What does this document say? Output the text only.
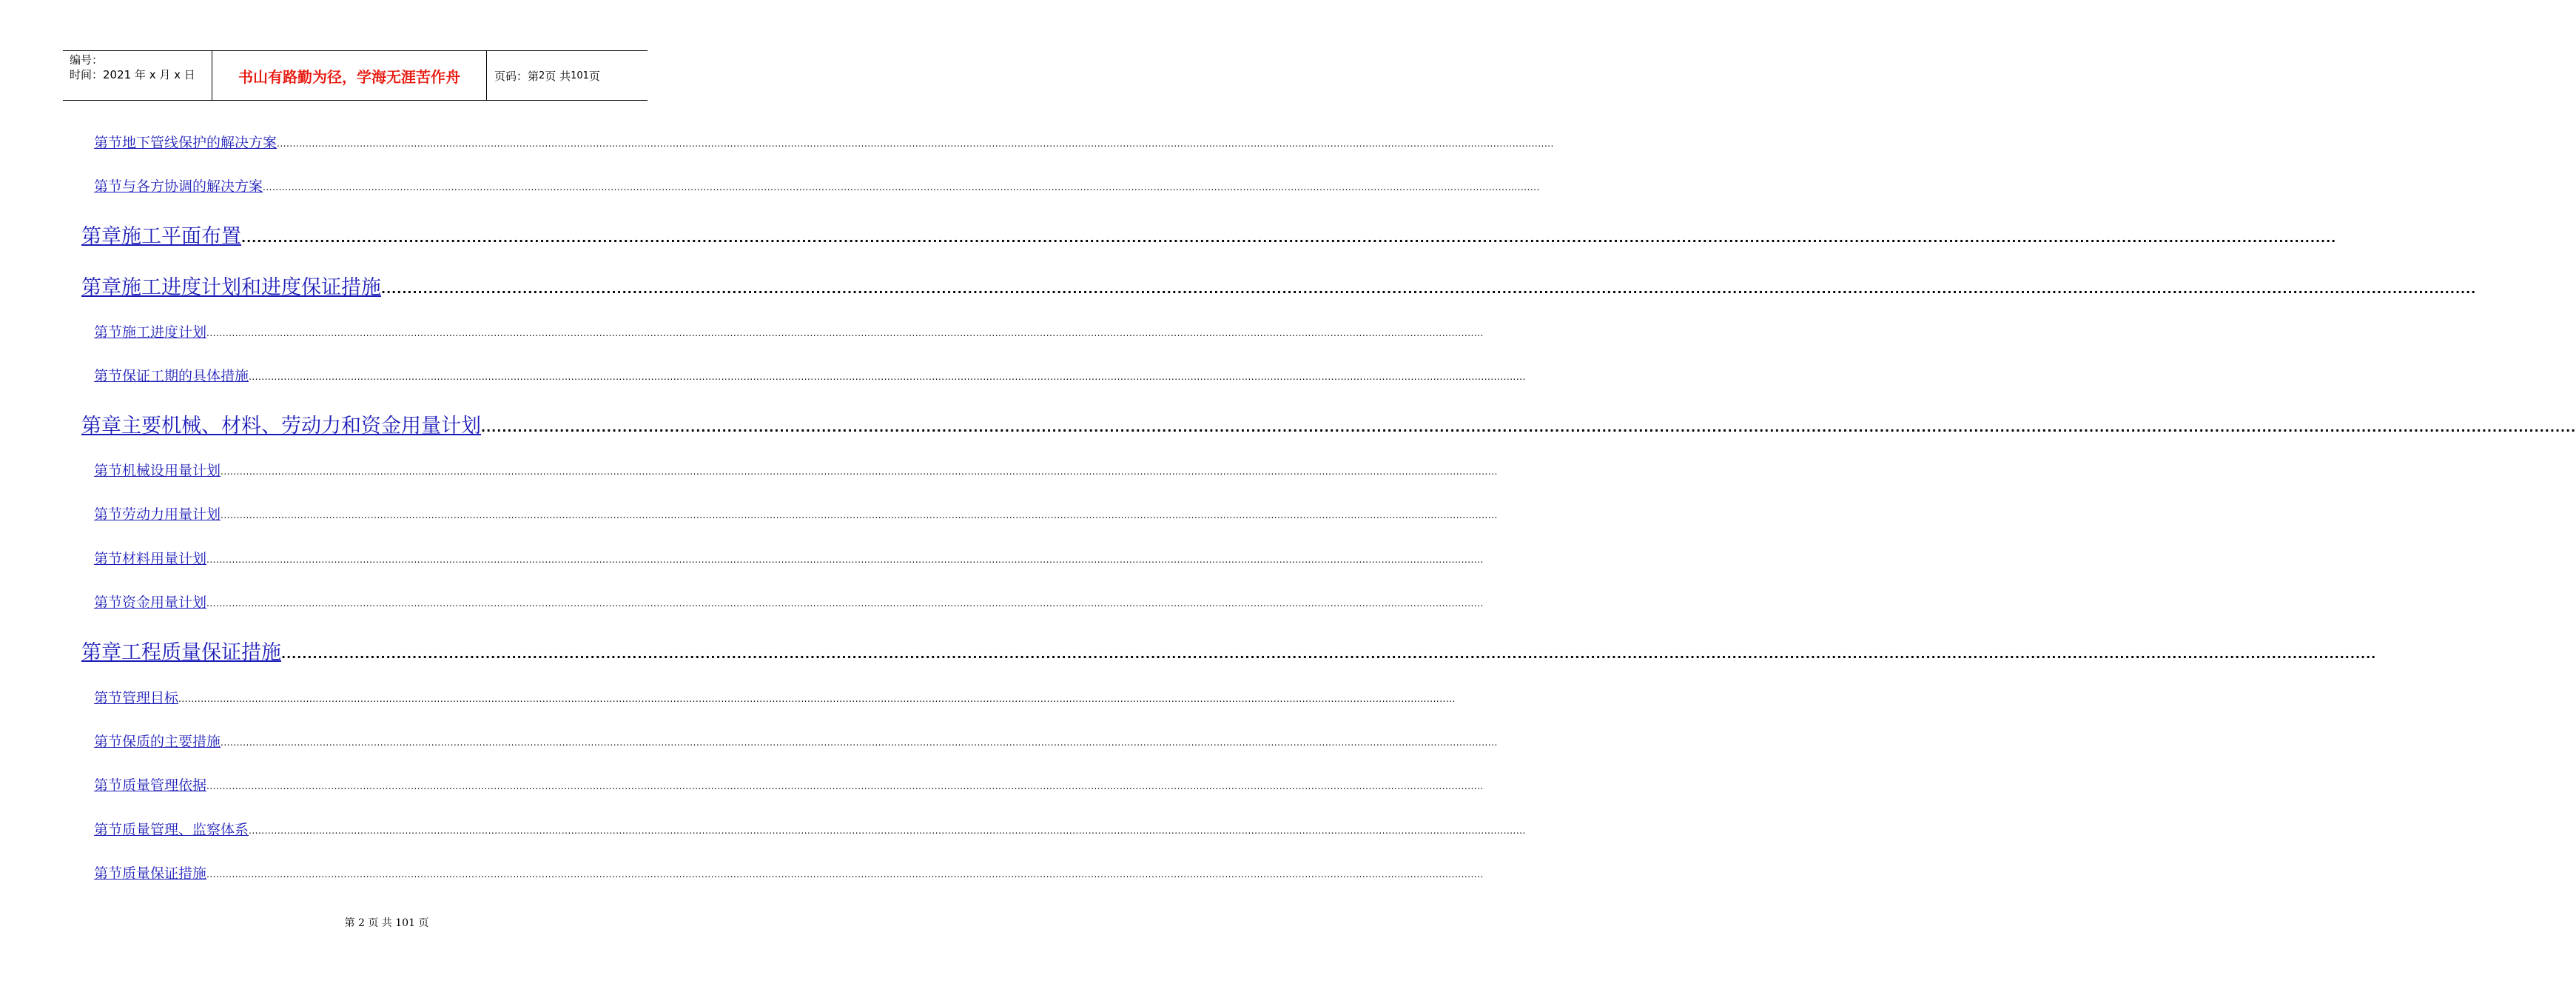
编号：
时间：2021 年 x 月 x 日	书山有路勤为径，学海无涯苦作舟	页码：第 2 页 共 101 页
第节 地下管线保护的解决方案 ................................................................................................................................................................................................................................................................................................................................................................................................................
第节 与各方协调的解决方案 ................................................................................................................................................................................................................................................................................................................................................................................................................
第章 施工平面布置 ................................................................................................................................................................................................................................................................................................................................................................................................................
第章 施工进度计划和进度保证措施 ................................................................................................................................................................................................................................................................................................................................................................................................................
第节 施工进度计划 ................................................................................................................................................................................................................................................................................................................................................................................................................
第节 保证工期的具体措施 ................................................................................................................................................................................................................................................................................................................................................................................................................
第章 主要机械、材料、劳动力和资金用量计划 ................................................................................................................................................................................................................................................................................................................................................................................................................
第节 机械设用量计划 ................................................................................................................................................................................................................................................................................................................................................................................................................
第节 劳动力用量计划 ................................................................................................................................................................................................................................................................................................................................................................................................................
第节 材料用量计划 ................................................................................................................................................................................................................................................................................................................................................................................................................
第节 资金用量计划 ................................................................................................................................................................................................................................................................................................................................................................................................................
第章 工程质量保证措施 ................................................................................................................................................................................................................................................................................................................................................................................................................
第节 管理目标 ................................................................................................................................................................................................................................................................................................................................................................................................................
第节 保质的主要措施 ................................................................................................................................................................................................................................................................................................................................................................................................................
第节 质量管理依据 ................................................................................................................................................................................................................................................................................................................................................................................................................
第节 质量管理、监察体系 ................................................................................................................................................................................................................................................................................................................................................................................................................
第节 质量保证措施 ................................................................................................................................................................................................................................................................................................................................................................................................................
第 2 页 共 101 页
